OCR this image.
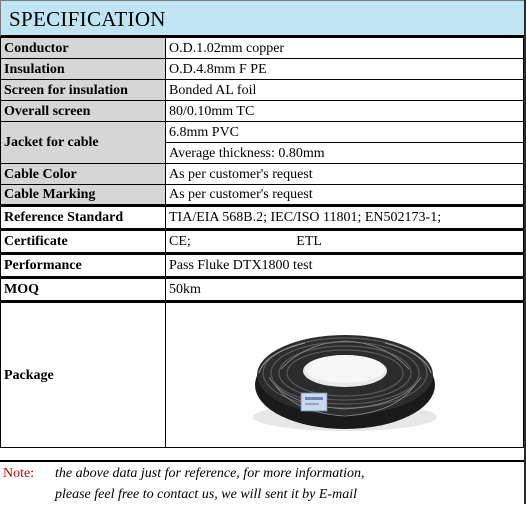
SPECIFICATION
Conductor	O.D.1.02mm copper
Insulation	O.D.4.8mm F PE
Screen for insulation	Bonded AL foil
Overall screen	80/0.10mm TC
Jacket for cable	6.8mm PVC
	Average thickness: 0.80mm
Cable Color	As per customer's request
Cable Marking	As per customer's request
Reference Standard	TIA/EIA 568B.2; IEC/ISO 11801; EN502173-1;
Certificate	CE; ETL
Performance	Pass Fluke DTX1800 test
MOQ	50km
Package	
Note: the above data just for reference, for more information,
please feel free to contact us, we will sent it by E-mail
